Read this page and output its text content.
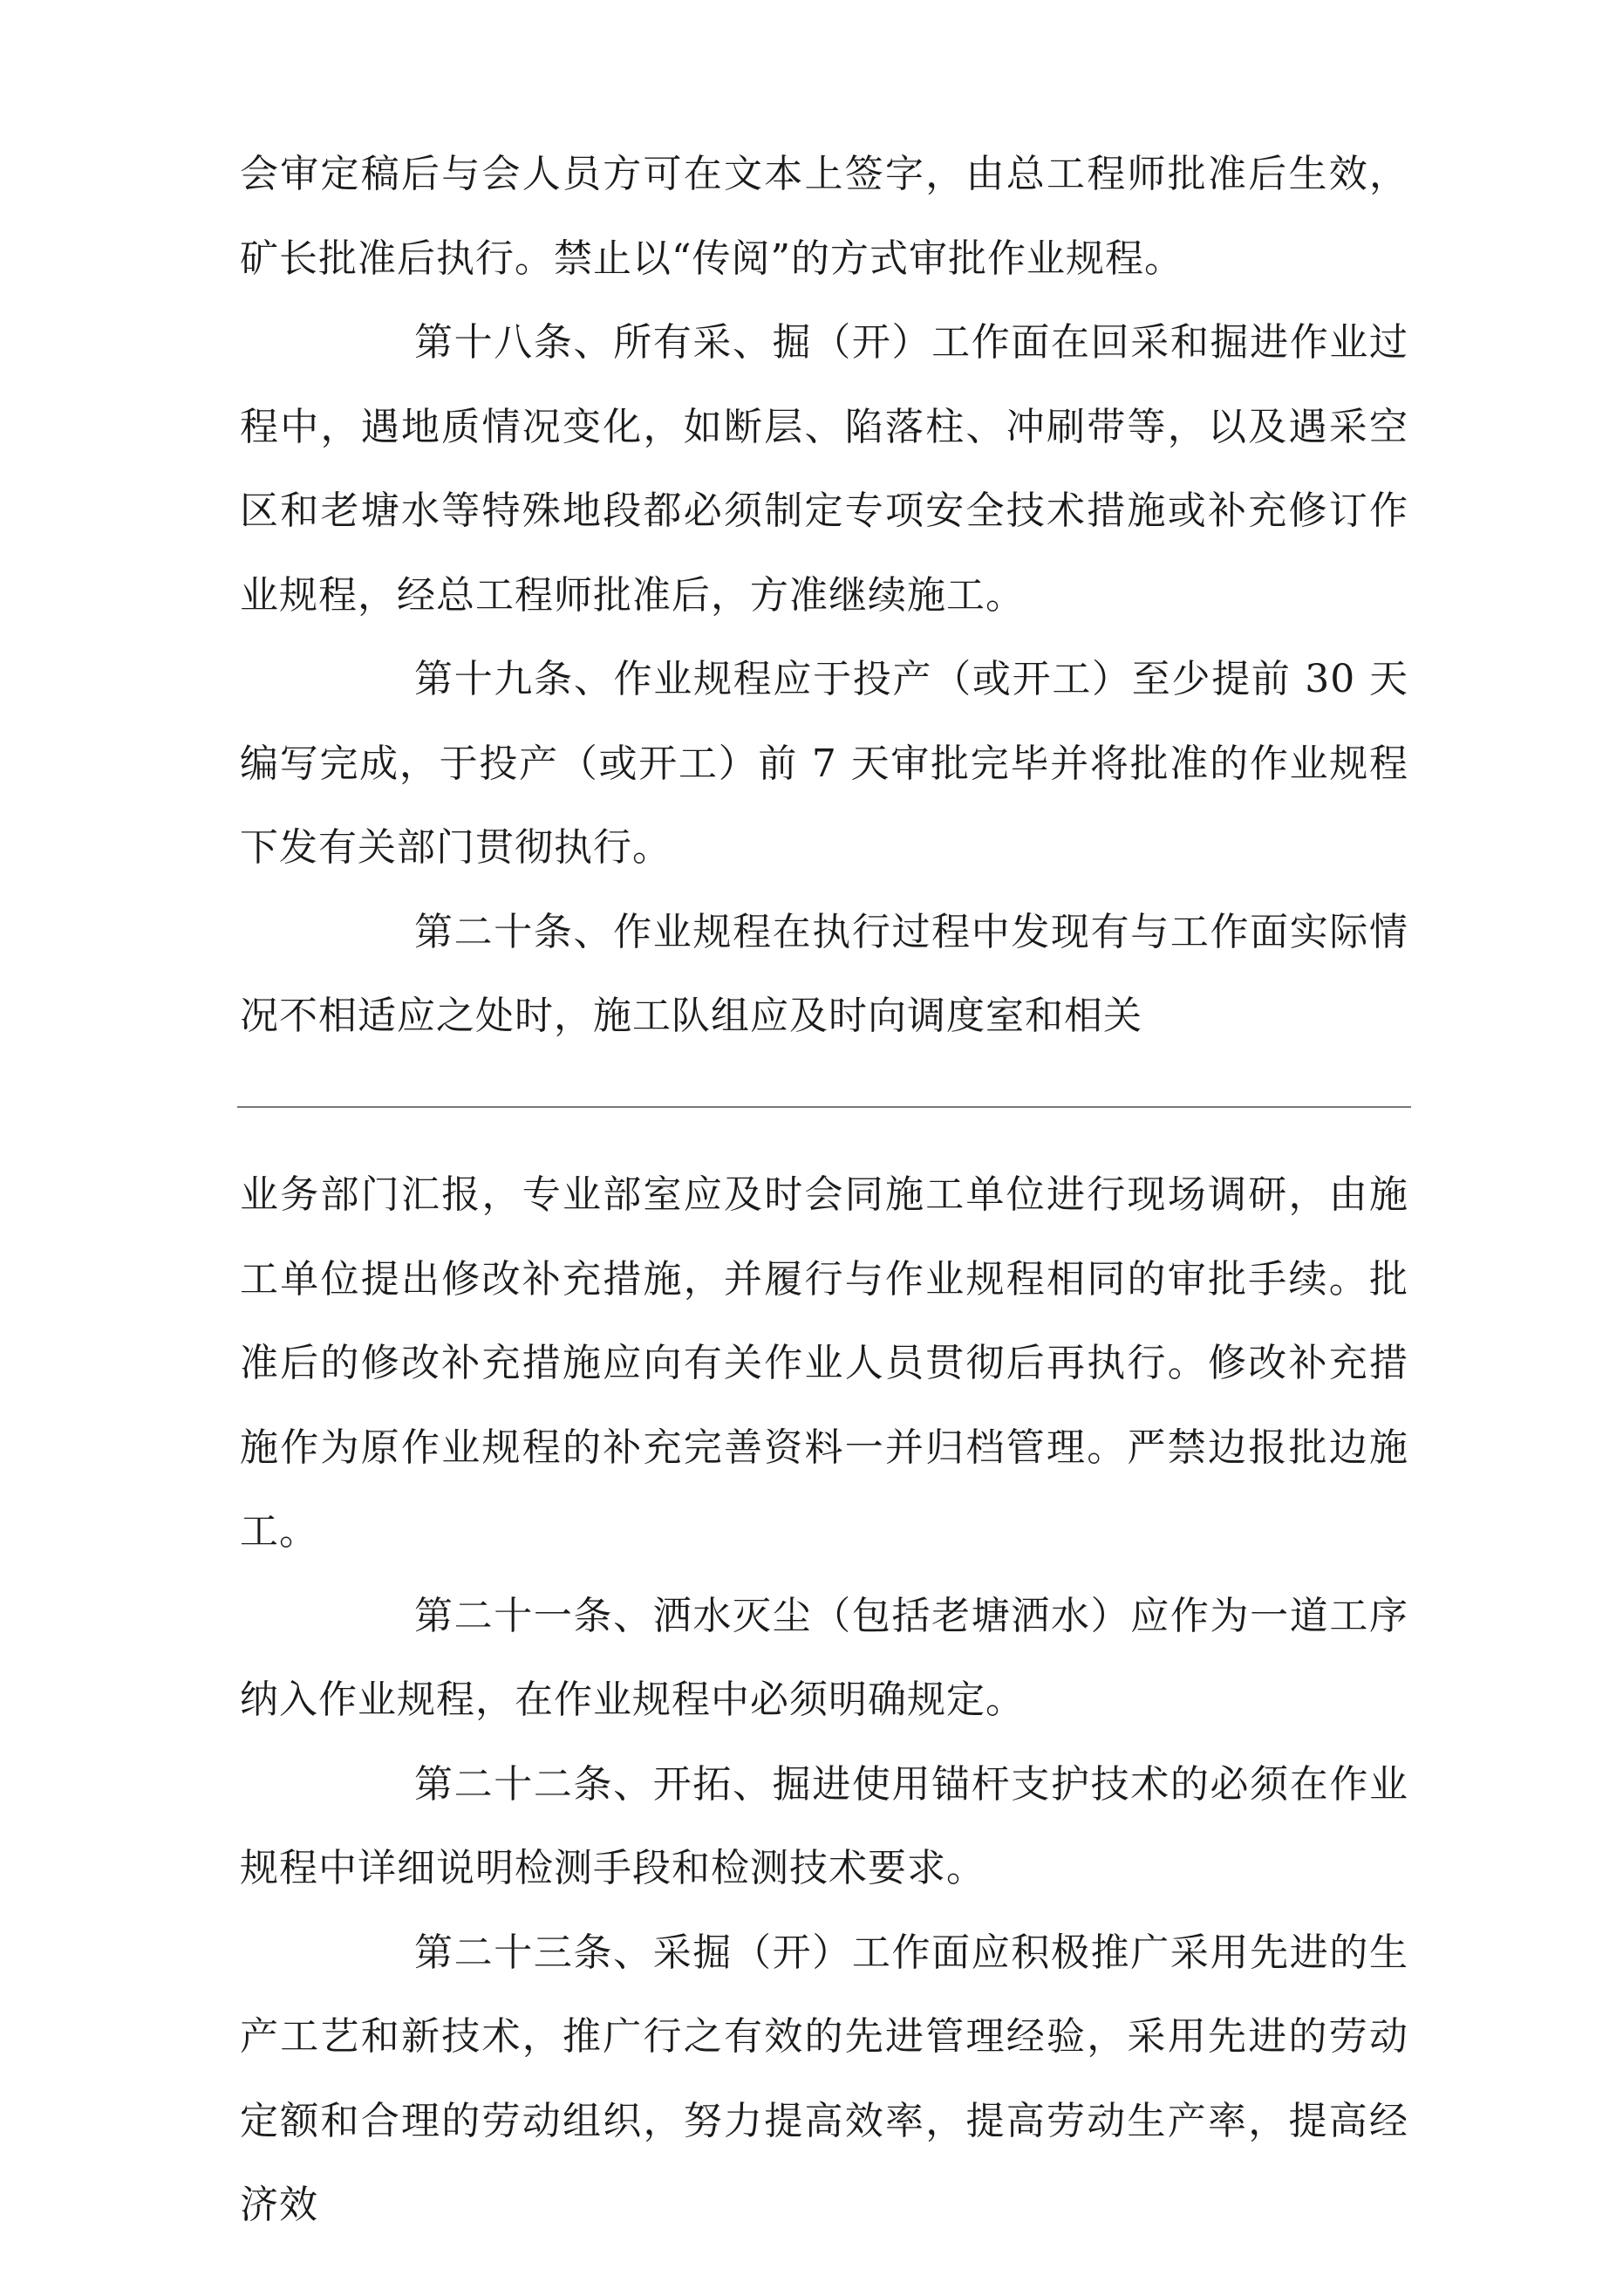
会审定稿后与会人员方可在文本上签字，由总工程师批准后生效，矿长批准后执行。禁止以“传阅”的方式审批作业规程。

第十八条、所有采、掘（开）工作面在回采和掘进作业过程中，遇地质情况变化，如断层、陷落柱、冲刷带等，以及遇采空区和老塘水等特殊地段都必须制定专项安全技术措施或补充修订作业规程，经总工程师批准后，方准继续施工。

第十九条、作业规程应于投产（或开工）至少提前 30 天编写完成，于投产（或开工）前 7 天审批完毕并将批准的作业规程下发有关部门贯彻执行。

第二十条、作业规程在执行过程中发现有与工作面实际情况不相适应之处时，施工队组应及时向调度室和相关

业务部门汇报，专业部室应及时会同施工单位进行现场调研，由施工单位提出修改补充措施，并履行与作业规程相同的审批手续。批准后的修改补充措施应向有关作业人员贯彻后再执行。修改补充措施作为原作业规程的补充完善资料一并归档管理。严禁边报批边施工。

第二十一条、洒水灭尘（包括老塘洒水）应作为一道工序纳入作业规程，在作业规程中必须明确规定。

第二十二条、开拓、掘进使用锚杆支护技术的必须在作业规程中详细说明检测手段和检测技术要求。

第二十三条、采掘（开）工作面应积极推广采用先进的生产工艺和新技术，推广行之有效的先进管理经验，采用先进的劳动定额和合理的劳动组织，努力提高效率，提高劳动生产率，提高经济效
